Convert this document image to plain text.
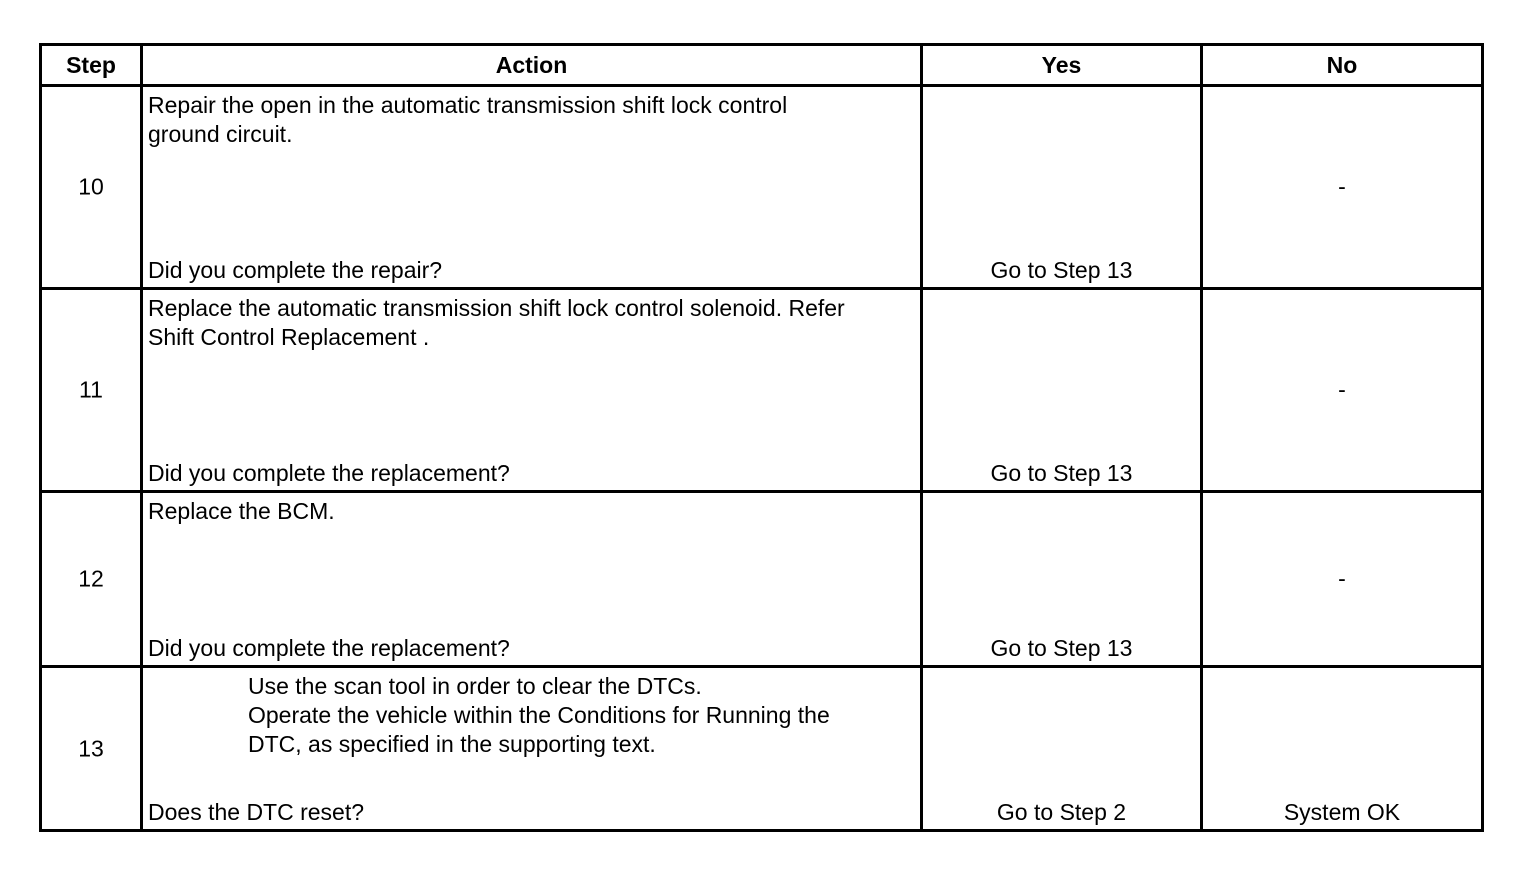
Step	Action	Yes	No

10	Repair the open in the automatic transmission shift lock control
ground circuit.
Did you complete the repair?	Go to Step 13	-

11	Replace the automatic transmission shift lock control solenoid. Refer
Shift Control Replacement .
Did you complete the replacement?	Go to Step 13	-

12	Replace the BCM.
Did you complete the replacement?	Go to Step 13	-

13	Use the scan tool in order to clear the DTCs.
Operate the vehicle within the Conditions for Running the
DTC, as specified in the supporting text.
Does the DTC reset?	Go to Step 2	System OK
